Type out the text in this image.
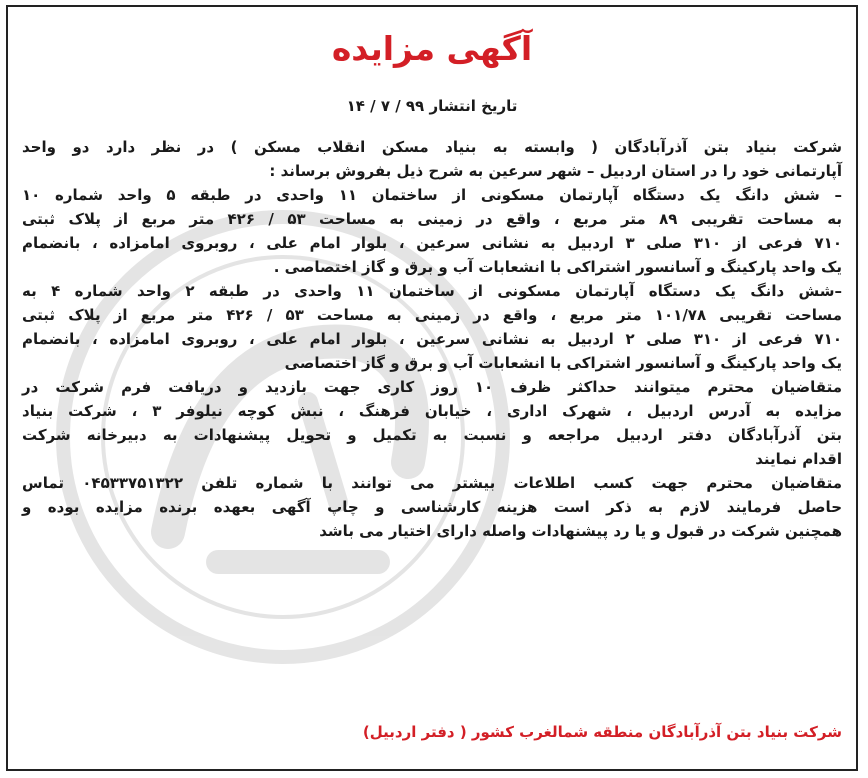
آگهی مزایده
تاریخ انتشار ۹۹ / ۷ / ۱۴
شرکت بنیاد بتن آذرآبادگان ( وابسته به بنیاد مسکن انقلاب مسکن ) در نظر دارد دو واحد
آپارتمانی خود را در استان اردبیل – شهر سرعین به شرح ذیل بفروش برساند :
– شش دانگ یک دستگاه آپارتمان مسکونی از ساختمان ۱۱ واحدی در طبقه ۵ واحد شماره ۱۰
به مساحت تقریبی ۸۹ متر مربع ، واقع در زمینی به مساحت ۵۳ / ۴۲۶ متر مربع از پلاک ثبتی
۷۱۰ فرعی از ۳۱۰ صلی ۳ اردبیل به نشانی سرعین ، بلوار امام علی ، روبروی امامزاده ، بانضمام
یک واحد پارکینگ و آسانسور اشتراکی با انشعابات آب و برق و گاز اختصاصی .
–شش دانگ یک دستگاه آپارتمان مسکونی از ساختمان ۱۱ واحدی در طبقه ۲ واحد شماره ۴ به
مساحت تقریبی ۱۰۱/۷۸ متر مربع ، واقع در زمینی به مساحت ۵۳ / ۴۲۶ متر مربع از پلاک ثبتی
۷۱۰ فرعی از ۳۱۰ صلی ۲ اردبیل به نشانی سرعین ، بلوار امام علی ، روبروی امامزاده ، بانضمام
یک واحد پارکینگ و آسانسور اشتراکی با انشعابات آب و برق و گاز اختصاصی
متقاضیان محترم میتوانند حداکثر ظرف ۱۰ روز کاری جهت بازدید و دریافت فرم شرکت در
مزایده به آدرس اردبیل ، شهرک اداری ، خیابان فرهنگ ، نبش کوچه نیلوفر ۳ ، شرکت بنیاد
بتن آذرآبادگان دفتر اردبیل مراجعه و نسبت به تکمیل و تحویل پیشنهادات به دبیرخانه شرکت
اقدام نمایند
متقاضیان محترم جهت کسب اطلاعات بیشتر می توانند با شماره تلفن ۰۴۵۳۳۷۵۱۳۲۲ تماس
حاصل فرمایند لازم به ذکر است هزینه کارشناسی و چاپ آگهی بعهده برنده مزایده بوده و
همچنین شرکت در قبول و یا رد پیشنهادات واصله دارای اختیار می باشد
شرکت بنیاد بتن آذرآبادگان منطقه شمالغرب کشور ( دفتر اردبیل)
